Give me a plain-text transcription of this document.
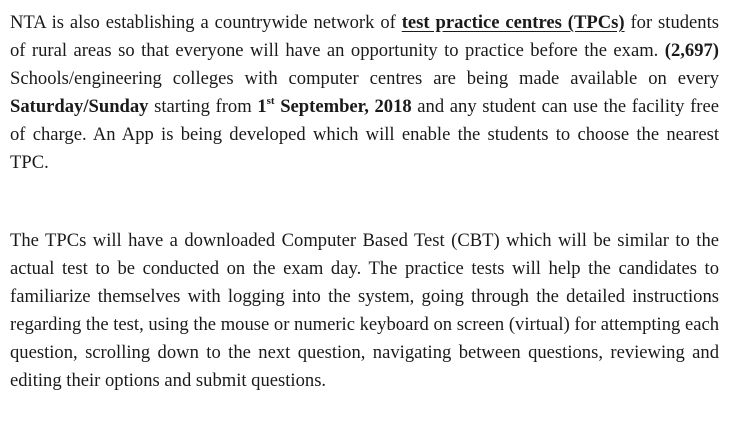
NTA is also establishing a countrywide network of test practice centres (TPCs) for students of rural areas so that everyone will have an opportunity to practice before the exam. (2,697) Schools/engineering colleges with computer centres are being made available on every Saturday/Sunday starting from 1st September, 2018 and any student can use the facility free of charge. An App is being developed which will enable the students to choose the nearest TPC.

The TPCs will have a downloaded Computer Based Test (CBT) which will be similar to the actual test to be conducted on the exam day. The practice tests will help the candidates to familiarize themselves with logging into the system, going through the detailed instructions regarding the test, using the mouse or numeric keyboard on screen (virtual) for attempting each question, scrolling down to the next question, navigating between questions, reviewing and editing their options and submit questions.
